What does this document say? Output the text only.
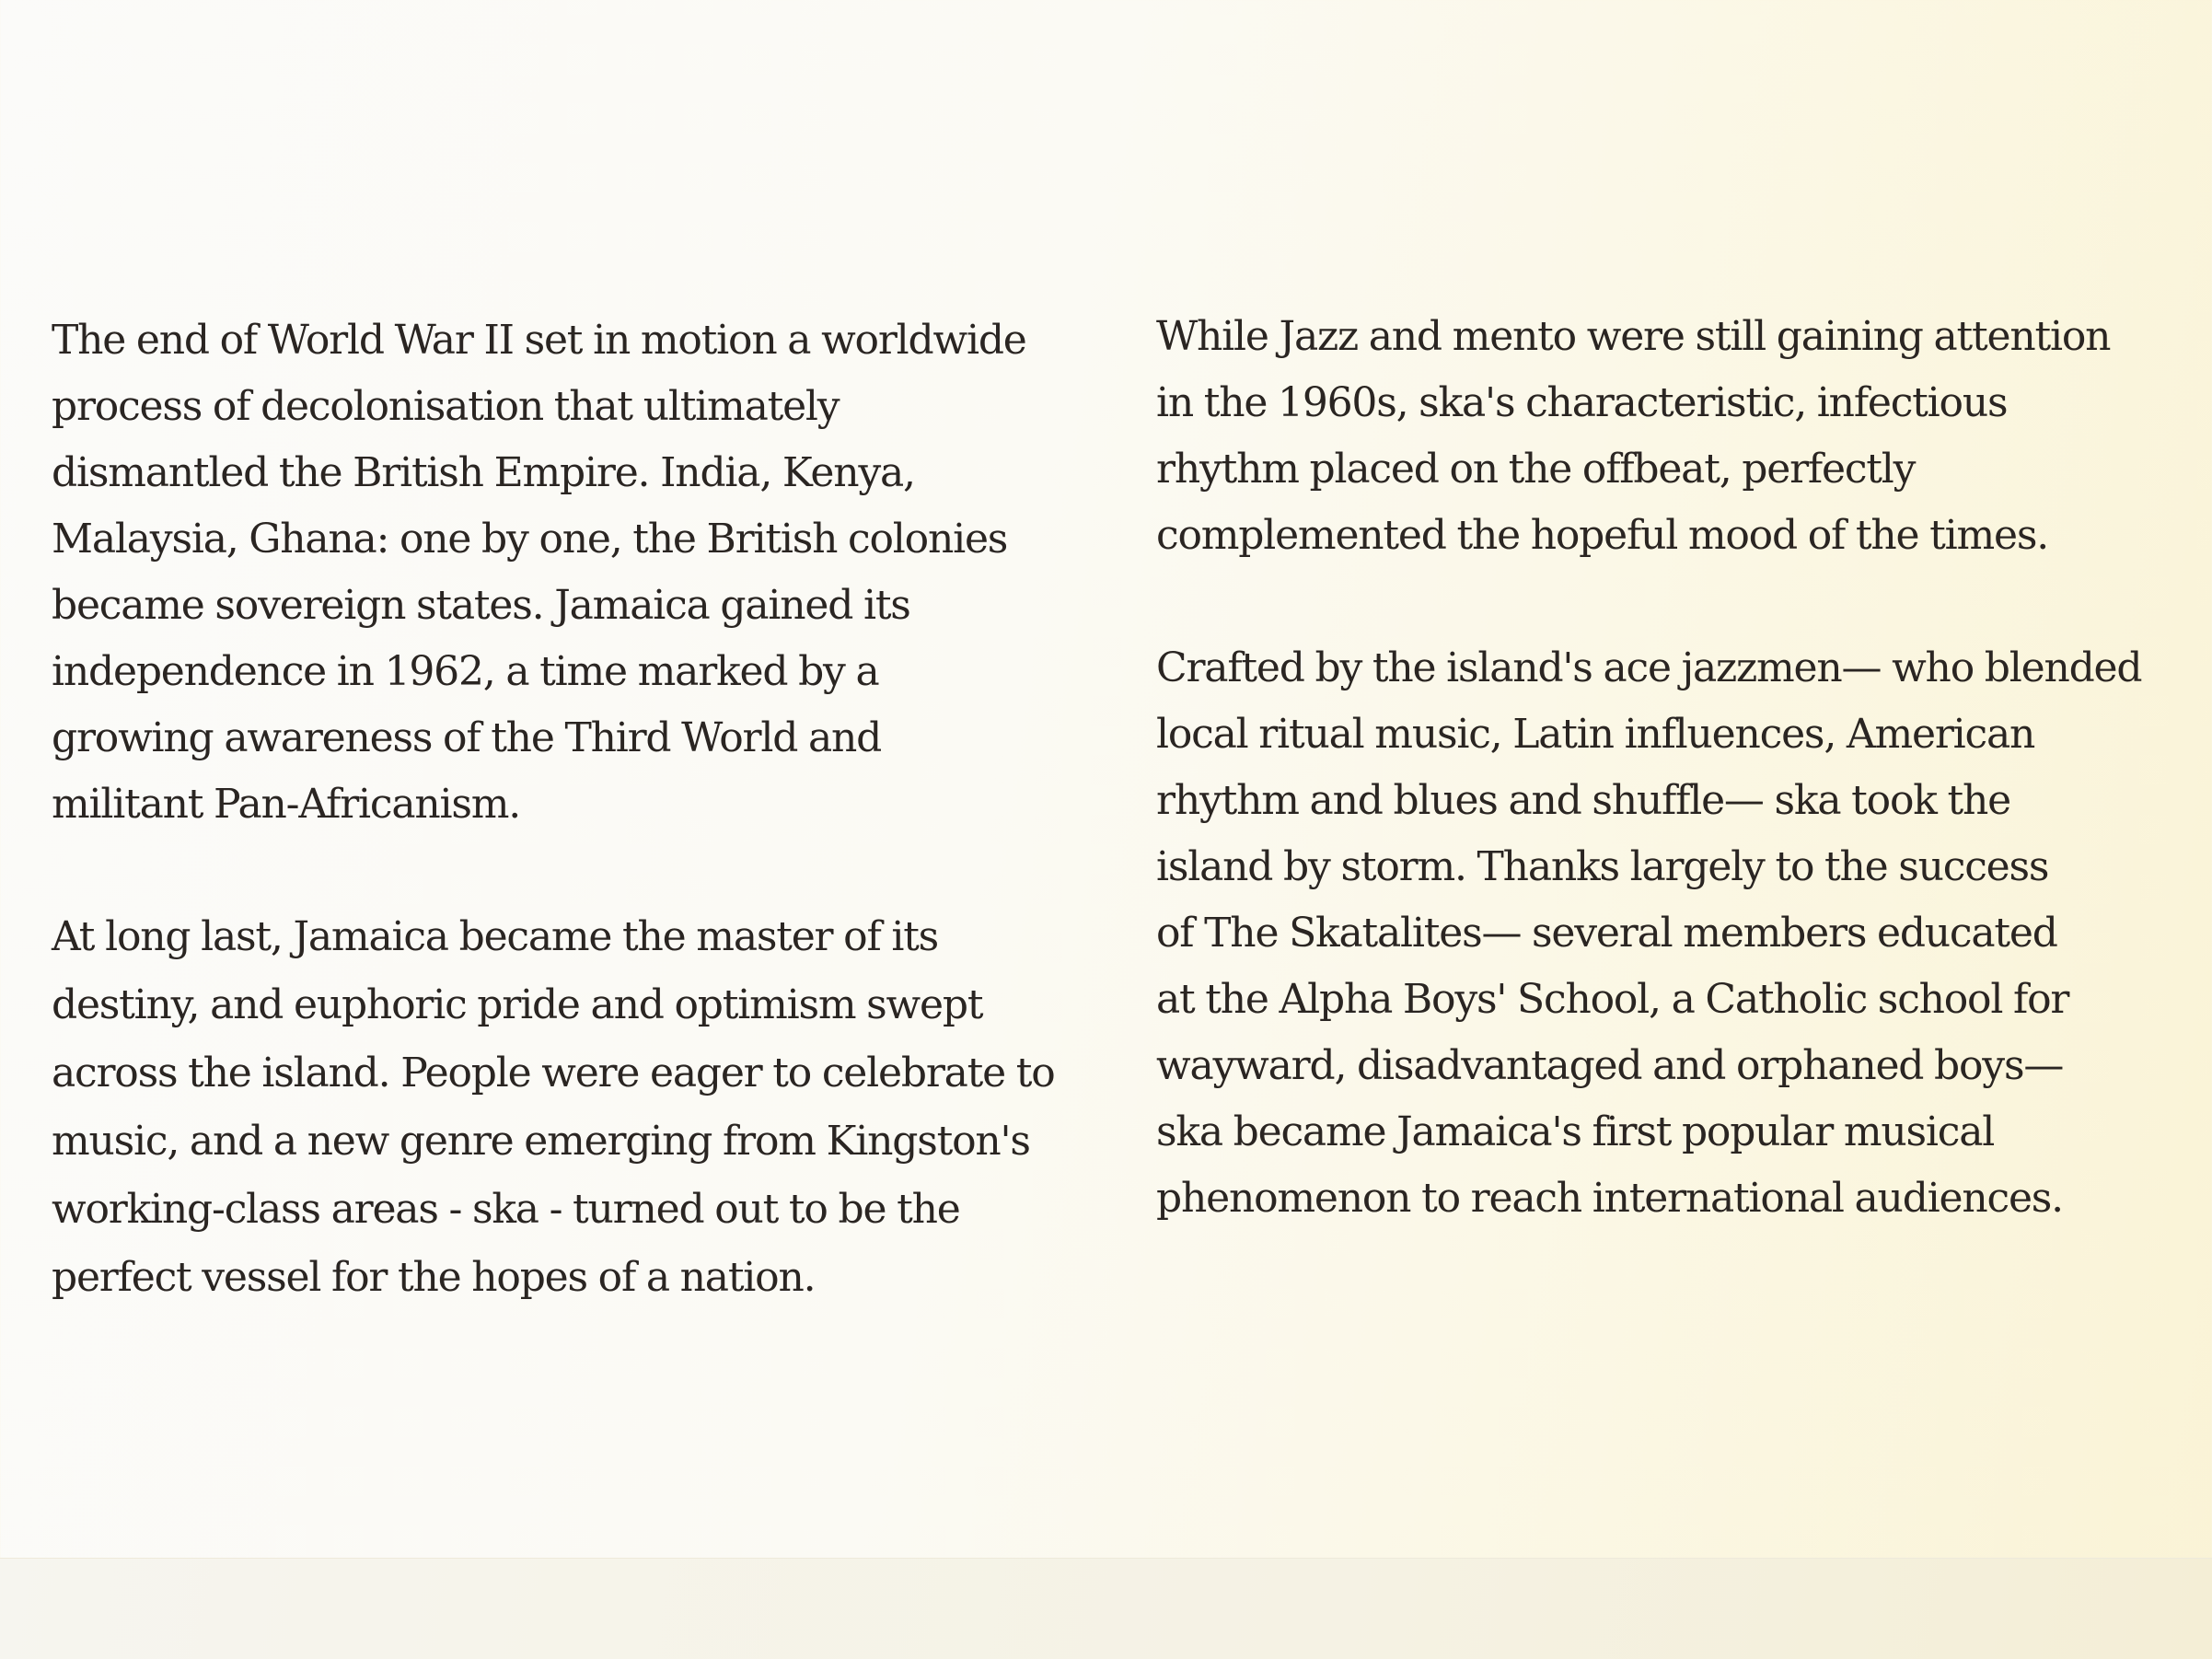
The end of World War II set in motion a worldwide
process of decolonisation that ultimately
dismantled the British Empire. India, Kenya,
Malaysia, Ghana: one by one, the British colonies
became sovereign states. Jamaica gained its
independence in 1962, a time marked by a
growing awareness of the Third World and
militant Pan-Africanism.
At long last, Jamaica became the master of its
destiny, and euphoric pride and optimism swept
across the island. People were eager to celebrate to
music, and a new genre emerging from Kingston's
working-class areas - ska - turned out to be the
perfect vessel for the hopes of a nation.
While Jazz and mento were still gaining attention
in the 1960s, ska's characteristic, infectious
rhythm placed on the offbeat, perfectly
complemented the hopeful mood of the times.
Crafted by the island's ace jazzmen— who blended
local ritual music, Latin influences, American
rhythm and blues and shuffle— ska took the
island by storm. Thanks largely to the success
of The Skatalites— several members educated
at the Alpha Boys' School, a Catholic school for
wayward, disadvantaged and orphaned boys—
ska became Jamaica's first popular musical
phenomenon to reach international audiences.
